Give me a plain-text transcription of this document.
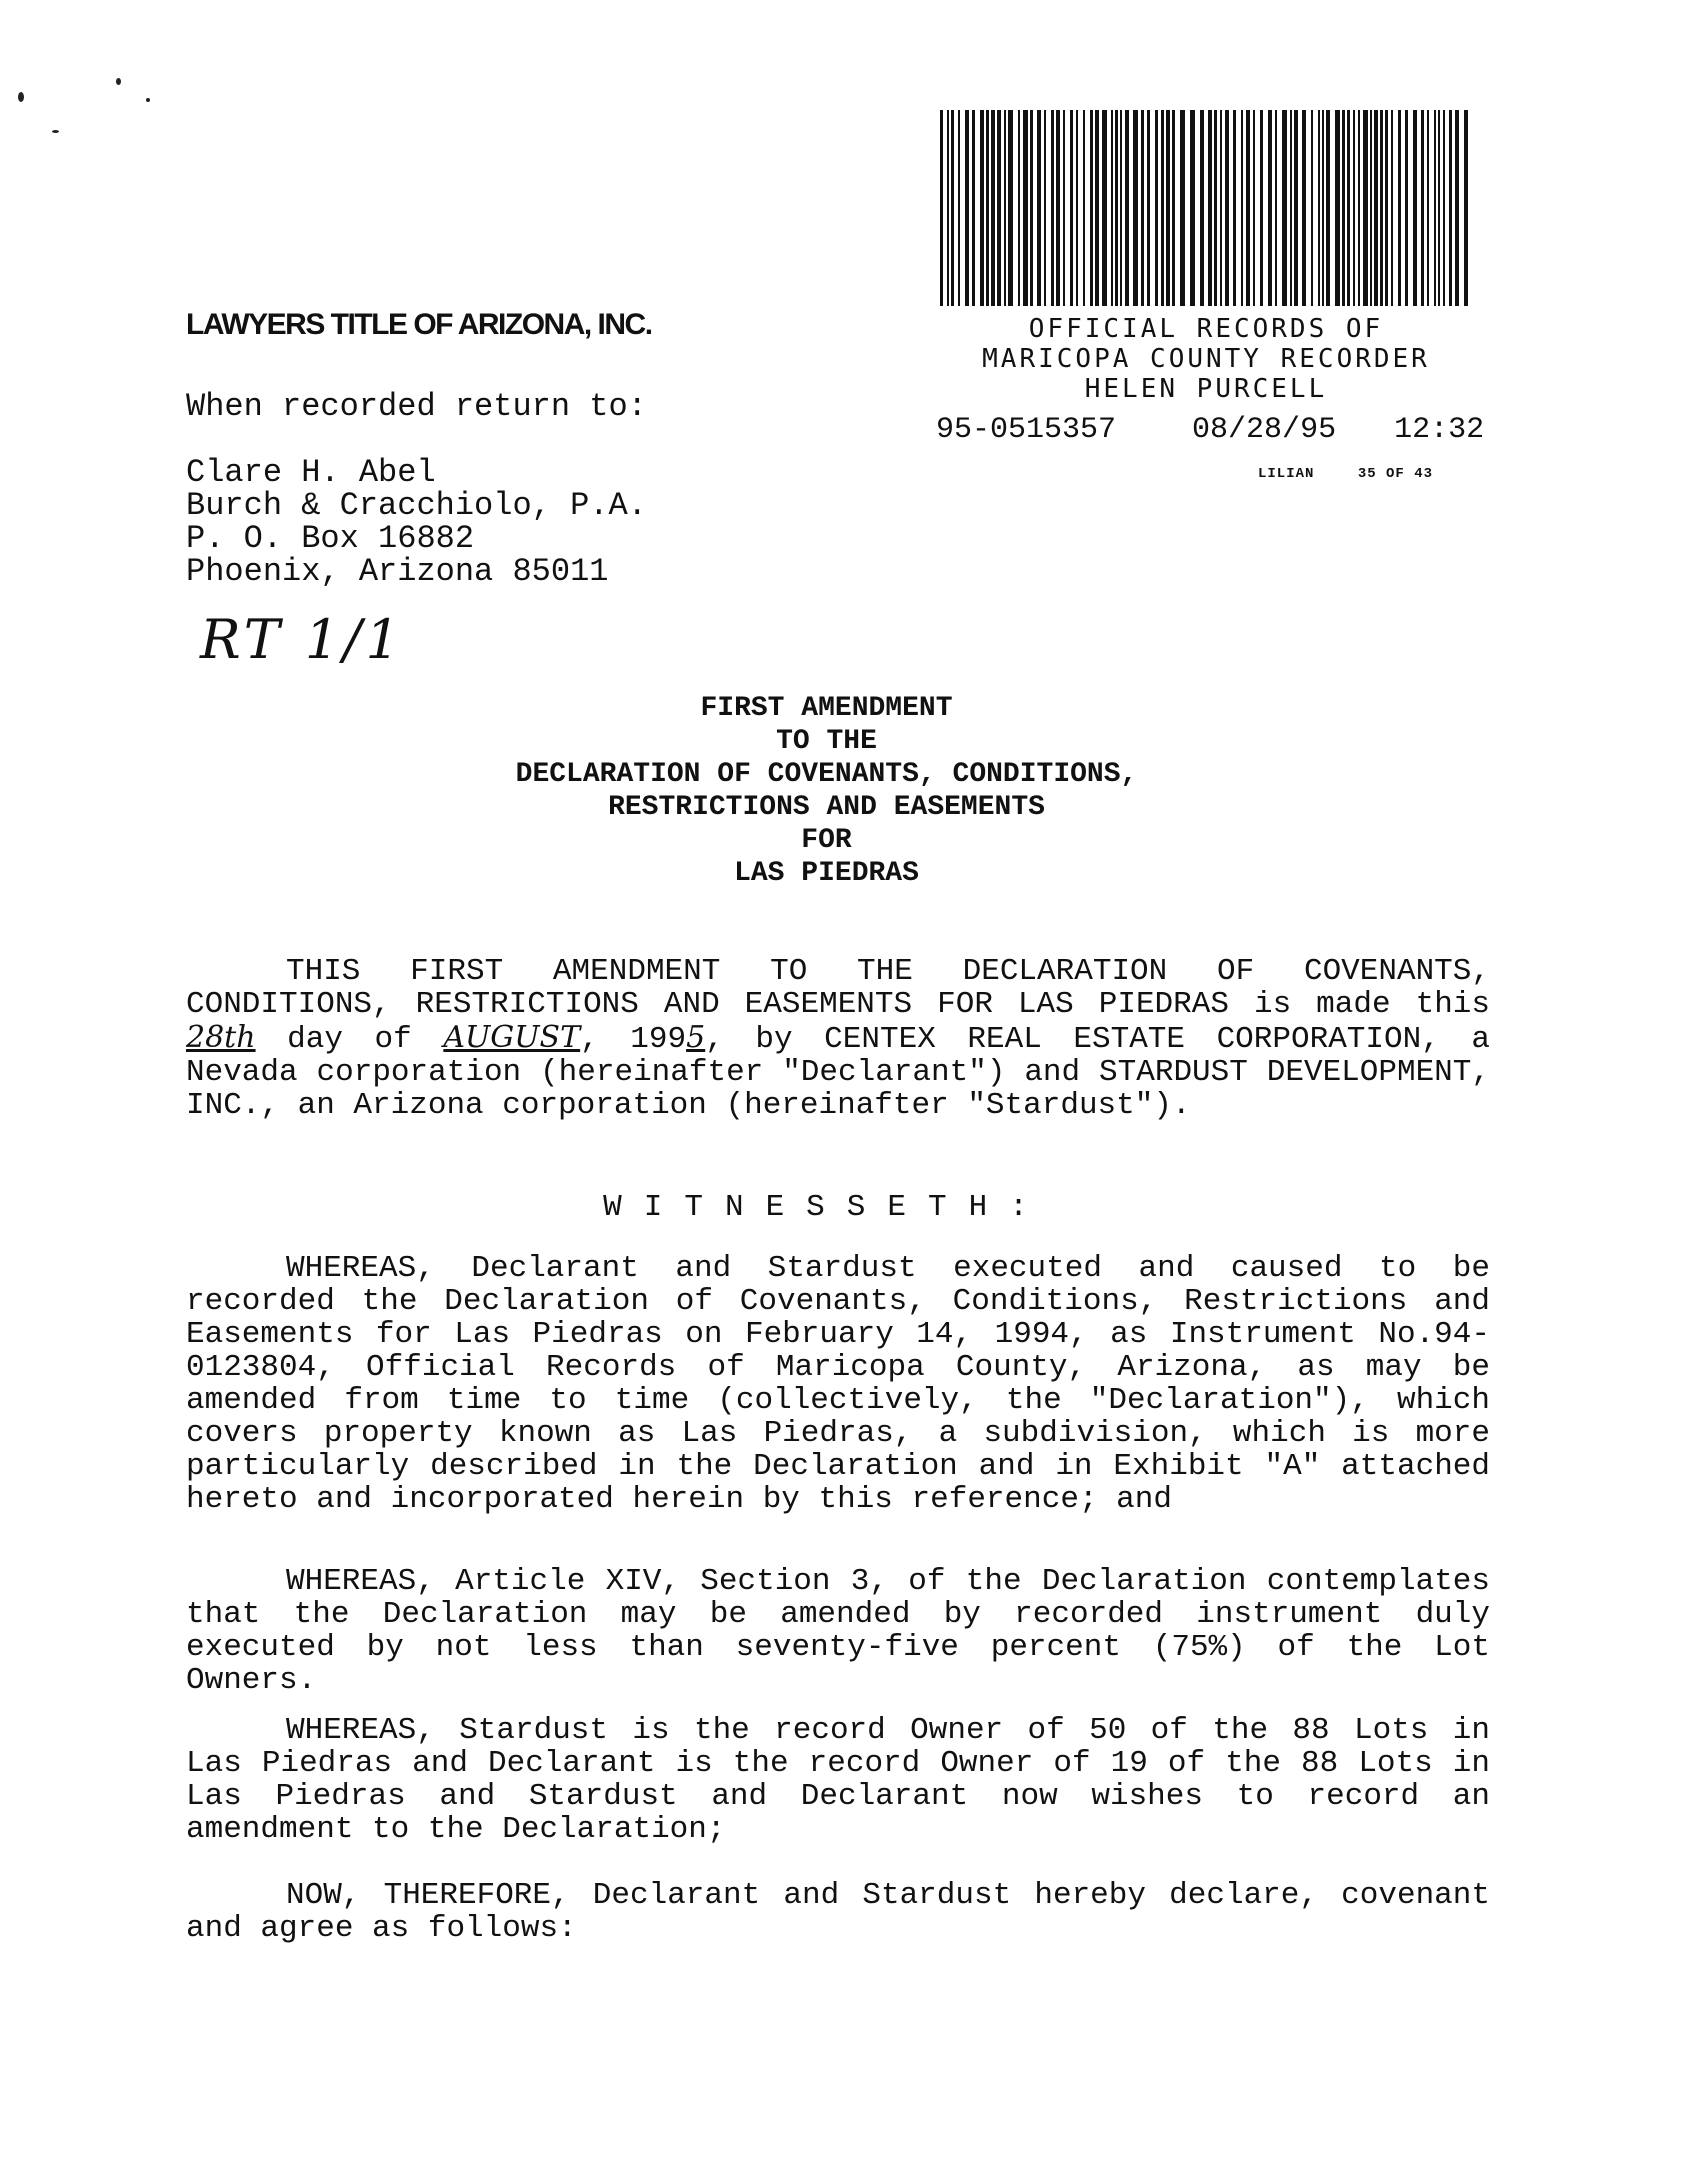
LAWYERS TITLE OF ARIZONA, INC.
When recorded return to:
Clare H. Abel
Burch & Cracchiolo, P.A.
P. O. Box 16882
Phoenix, Arizona 85011
RT 1/1
OFFICIAL RECORDS OF
MARICOPA COUNTY RECORDER
HELEN PURCELL
95-0515357	08/28/95 12:32
LILIAN	35 OF 43
FIRST AMENDMENT
TO THE
DECLARATION OF COVENANTS, CONDITIONS,
RESTRICTIONS AND EASEMENTS
FOR
LAS PIEDRAS
THIS FIRST AMENDMENT TO THE DECLARATION OF COVENANTS, CONDITIONS, RESTRICTIONS AND EASEMENTS FOR LAS PIEDRAS is made this 28th day of AUGUST, 1995, by CENTEX REAL ESTATE CORPORATION, a Nevada corporation (hereinafter "Declarant") and STARDUST DEVELOPMENT, INC., an Arizona corporation (hereinafter "Stardust").
WITNESSETH:
WHEREAS, Declarant and Stardust executed and caused to be recorded the Declaration of Covenants, Conditions, Restrictions and Easements for Las Piedras on February 14, 1994, as Instrument No.94-0123804, Official Records of Maricopa County, Arizona, as may be amended from time to time (collectively, the "Declaration"), which covers property known as Las Piedras, a subdivision, which is more particularly described in the Declaration and in Exhibit "A" attached hereto and incorporated herein by this reference; and
WHEREAS, Article XIV, Section 3, of the Declaration contemplates that the Declaration may be amended by recorded instrument duly executed by not less than seventy-five percent (75%) of the Lot Owners.
WHEREAS, Stardust is the record Owner of 50 of the 88 Lots in Las Piedras and Declarant is the record Owner of 19 of the 88 Lots in Las Piedras and Stardust and Declarant now wishes to record an amendment to the Declaration;
NOW, THEREFORE, Declarant and Stardust hereby declare, covenant and agree as follows:
